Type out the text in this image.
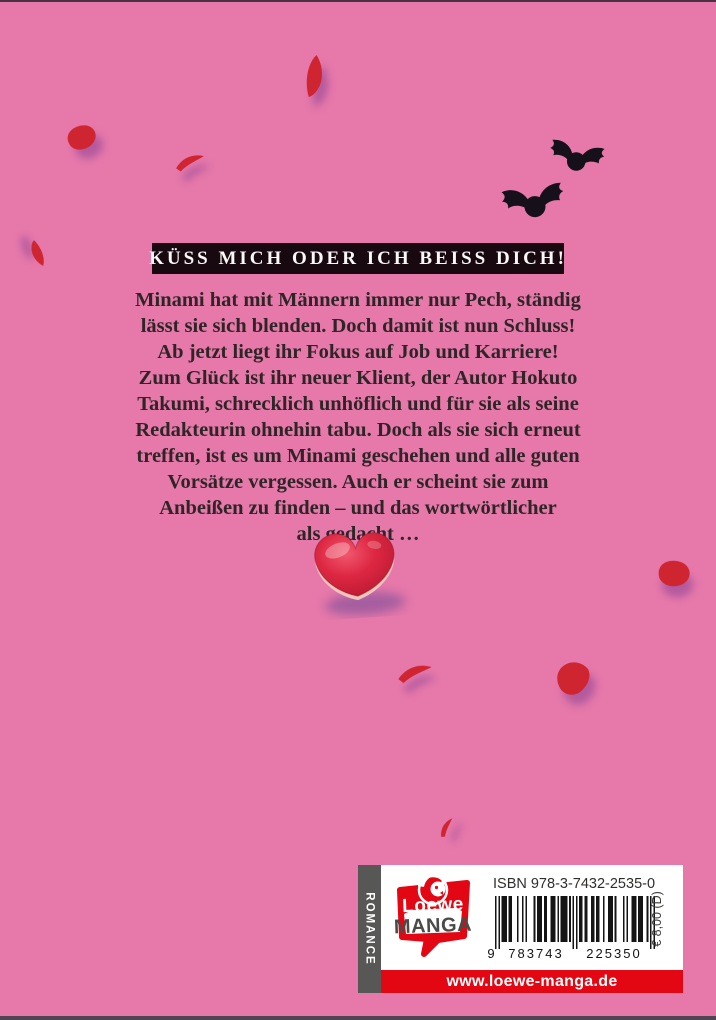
KÜSS MICH ODER ICH BEISS DICH!
Minami hat mit Männern immer nur Pech, ständig
lässt sie sich blenden. Doch damit ist nun Schluss!
Ab jetzt liegt ihr Fokus auf Job und Karriere!
Zum Glück ist ihr neuer Klient, der Autor Hokuto
Takumi, schrecklich unhöflich und für sie als seine
Redakteurin ohnehin tabu. Doch als sie sich erneut
treffen, ist es um Minami geschehen und alle guten
Vorsätze vergessen. Auch er scheint sie zum
Anbeißen zu finden – und das wortwörtlicher
als gedacht …
ROMANCE	Loewe
MANGA
ISBN 978-3-7432-2535-0
9 783743 225350
€ 8,00 (D)
www.loewe-manga.de
